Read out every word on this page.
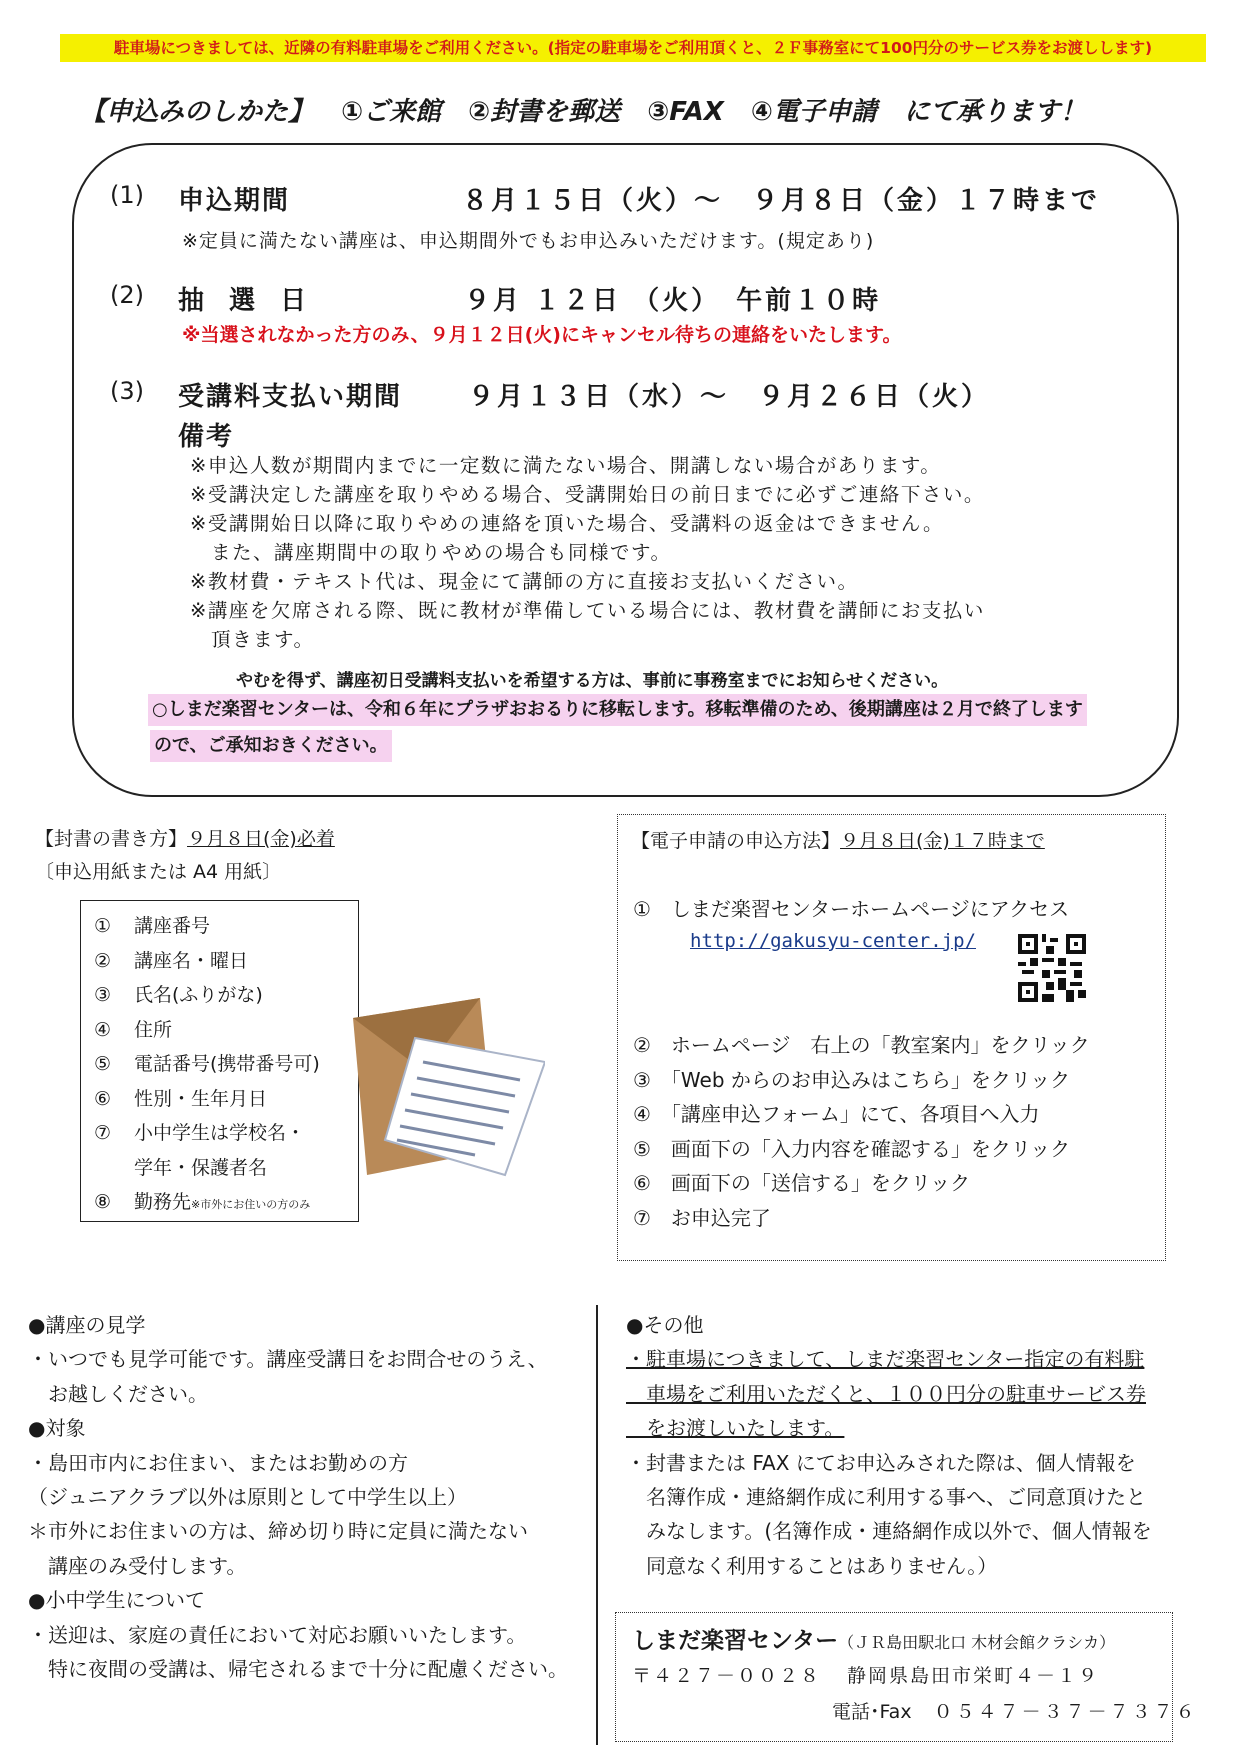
駐車場につきましては、近隣の有料駐車場をご利用ください。(指定の駐車場をご利用頂くと、２Ｆ事務室にて100円分のサービス券をお渡しします)
【申込みのしかた】 ①ご来館 ②封書を郵送 ③FAX ④電子申請 にて承ります！
(1) 申込期間	８月１５日（火）～　９月８日（金）１７時まで
※定員に満たない講座は、申込期間外でもお申込みいただけます。(規定あり)
(2) 抽 選 日	９月 １２日 （火）　午前１０時
※当選されなかった方のみ、９月１２日(火)にキャンセル待ちの連絡をいたします。
(3) 受講料支払い期間	９月１３日（水）～　９月２６日（火）
備考
※申込人数が期間内までに一定数に満たない場合、開講しない場合があります。
※受講決定した講座を取りやめる場合、受講開始日の前日までに必ずご連絡下さい。
※受講開始日以降に取りやめの連絡を頂いた場合、受講料の返金はできません。
　また、講座期間中の取りやめの場合も同様です。
※教材費・テキスト代は、現金にて講師の方に直接お支払いください。
※講座を欠席される際、既に教材が準備している場合には、教材費を講師にお支払い
　頂きます。
やむを得ず、講座初日受講料支払いを希望する方は、事前に事務室までにお知らせください。
○しまだ楽習センターは、令和６年にプラザおおるりに移転します。移転準備のため、後期講座は２月で終了します
ので、ご承知おきください。
【封書の書き方】９月８日(金)必着
〔申込用紙または A4 用紙〕
① 講座番号
② 講座名・曜日
③ 氏名(ふりがな)
④ 住所
⑤ 電話番号(携帯番号可)
⑥ 性別・生年月日
⑦ 小中学生は学校名・
学年・保護者名
⑧ 勤務先※市外にお住いの方のみ
【電子申請の申込方法】９月８日(金)１７時まで
①　しまだ楽習センターホームページにアクセス
http://gakusyu-center.jp/
②　ホームページ　右上の「教室案内」をクリック
③　「Web からのお申込みはこちら」をクリック
④　「講座申込フォーム」にて、各項目へ入力
⑤　画面下の「入力内容を確認する」をクリック
⑥　画面下の「送信する」をクリック
⑦　お申込完了
●講座の見学
・いつでも見学可能です。講座受講日をお問合せのうえ、
　お越しください。
●対象
・島田市内にお住まい、またはお勤めの方
（ジュニアクラブ以外は原則として中学生以上）
＊市外にお住まいの方は、締め切り時に定員に満たない
　講座のみ受付します。
●小中学生について
・送迎は、家庭の責任において対応お願いいたします。
　特に夜間の受講は、帰宅されるまで十分に配慮ください。
●その他
・駐車場につきまして、しまだ楽習センター指定の有料駐
　車場をご利用いただくと、１００円分の駐車サービス券
　をお渡しいたします。
・封書または FAX にてお申込みされた際は、個人情報を
　名簿作成・連絡網作成に利用する事へ、ご同意頂けたと
　みなします。(名簿作成・連絡網作成以外で、個人情報を
　同意なく利用することはありません。）
しまだ楽習センター（ＪＲ島田駅北口 木材会館クラシカ）
〒４２７－００２８ 静岡県島田市栄町４－１９
電話･Fax ０５４７－３７－７３７６
